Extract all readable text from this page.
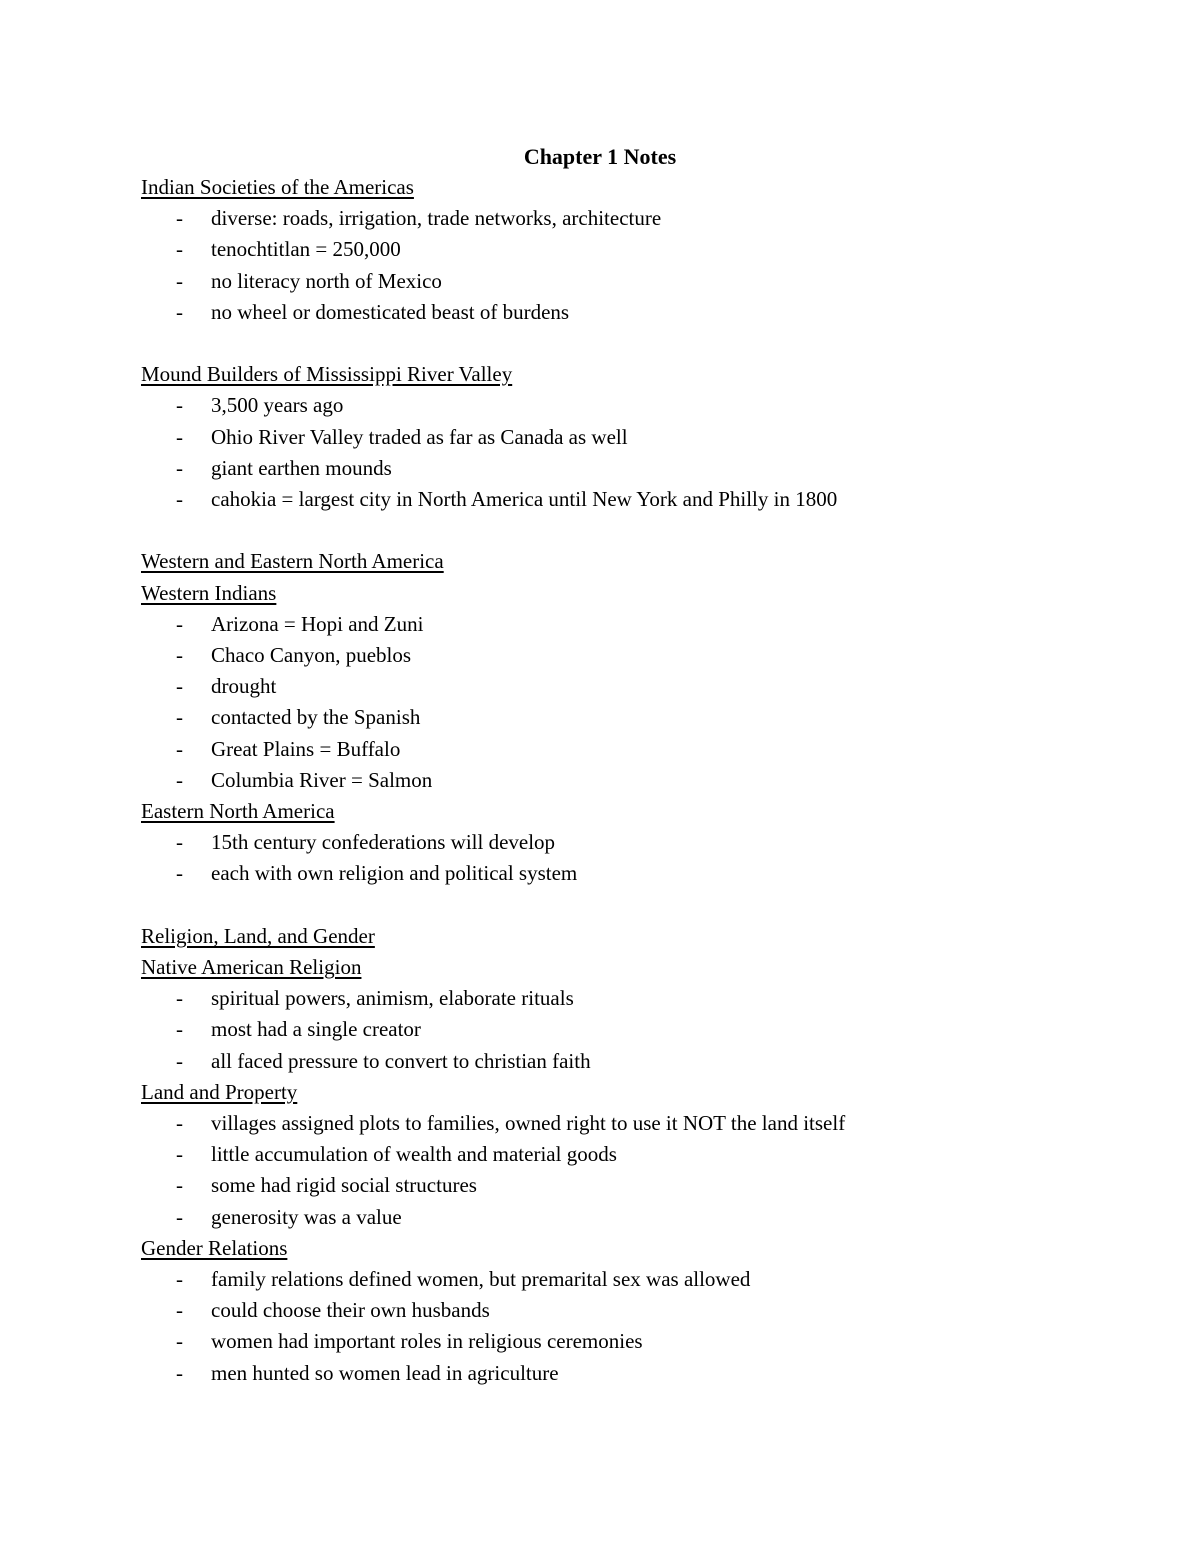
Chapter 1 Notes
Indian Societies of the Americas
- diverse: roads, irrigation, trade networks, architecture
- tenochtitlan = 250,000
- no literacy north of Mexico
- no wheel or domesticated beast of burdens
Mound Builders of Mississippi River Valley
- 3,500 years ago
- Ohio River Valley traded as far as Canada as well
- giant earthen mounds
- cahokia = largest city in North America until New York and Philly in 1800
Western and Eastern North America
Western Indians
- Arizona = Hopi and Zuni
- Chaco Canyon, pueblos
- drought
- contacted by the Spanish
- Great Plains = Buffalo
- Columbia River = Salmon
Eastern North America
- 15th century confederations will develop
- each with own religion and political system
Religion, Land, and Gender
Native American Religion
- spiritual powers, animism, elaborate rituals
- most had a single creator
- all faced pressure to convert to christian faith
Land and Property
- villages assigned plots to families, owned right to use it NOT the land itself
- little accumulation of wealth and material goods
- some had rigid social structures
- generosity was a value
Gender Relations
- family relations defined women, but premarital sex was allowed
- could choose their own husbands
- women had important roles in religious ceremonies
- men hunted so women lead in agriculture
